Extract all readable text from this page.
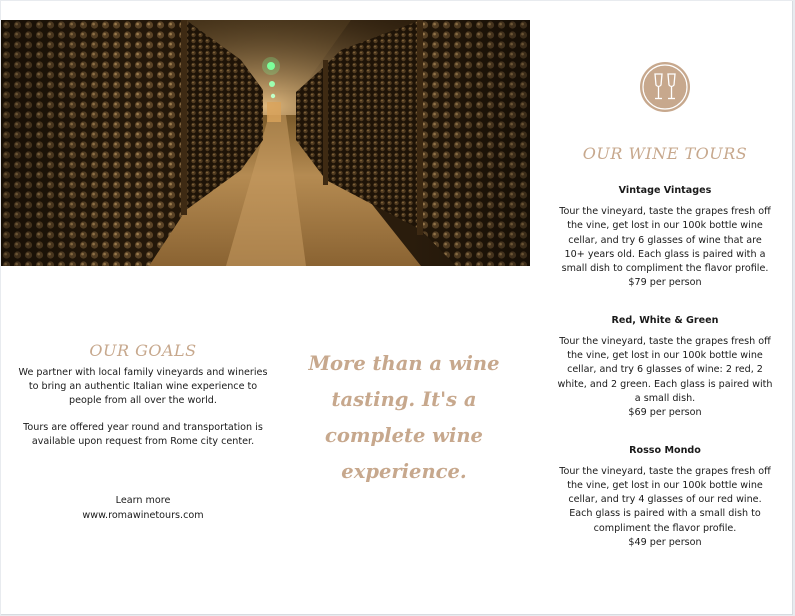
OUR GOALS

We partner with local family vineyards and wineries to bring an authentic Italian wine experience to people from all over the world.

Tours are offered year round and transportation is available upon request from Rome city center.

Learn more
www.romawinetours.com
More than a wine tasting. It's a complete wine experience.
OUR WINE TOURS

Vintage Vintages

Tour the vineyard, taste the grapes fresh off the vine, get lost in our 100k bottle wine cellar, and try 6 glasses of wine that are 10+ years old. Each glass is paired with a small dish to compliment the flavor profile.

$79 per person

Red, White & Green

Tour the vineyard, taste the grapes fresh off the vine, get lost in our 100k bottle wine cellar, and try 6 glasses of wine: 2 red, 2 white, and 2 green. Each glass is paired with a small dish.

$69 per person

Rosso Mondo

Tour the vineyard, taste the grapes fresh off the vine, get lost in our 100k bottle wine cellar, and try 4 glasses of our red wine. Each glass is paired with a small dish to compliment the flavor profile.

$49 per person
